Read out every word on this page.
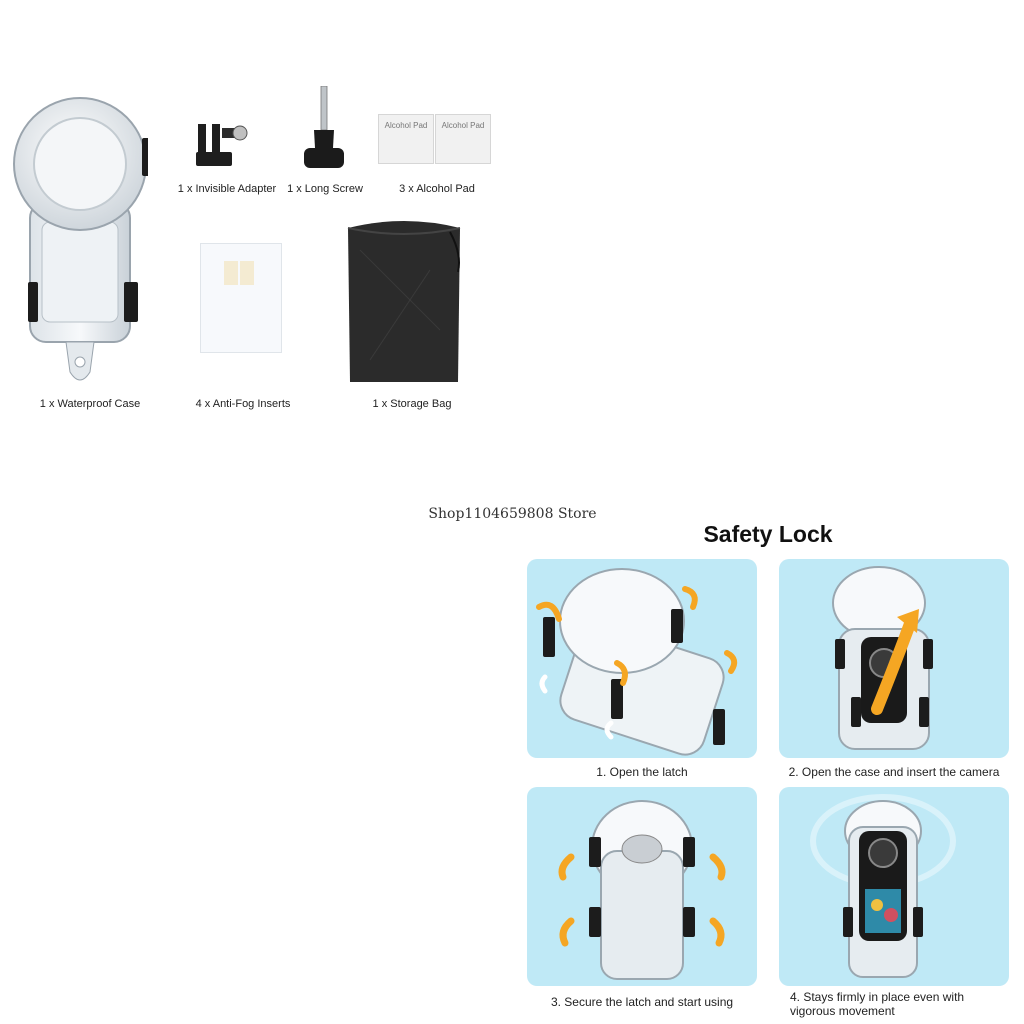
1 x Waterproof Case
1 x Invisible Adapter 1 x Long Screw
Alcohol Pad	Alcohol Pad
3 x Alcohol Pad
4 x Anti-Fog Inserts	1 x Storage Bag
Shop1104659808 Store
Safety Lock
1. Open the latch	2. Open the case and insert the camera
3. Secure the latch and start using	4. Stays firmly in place even with vigorous movement
